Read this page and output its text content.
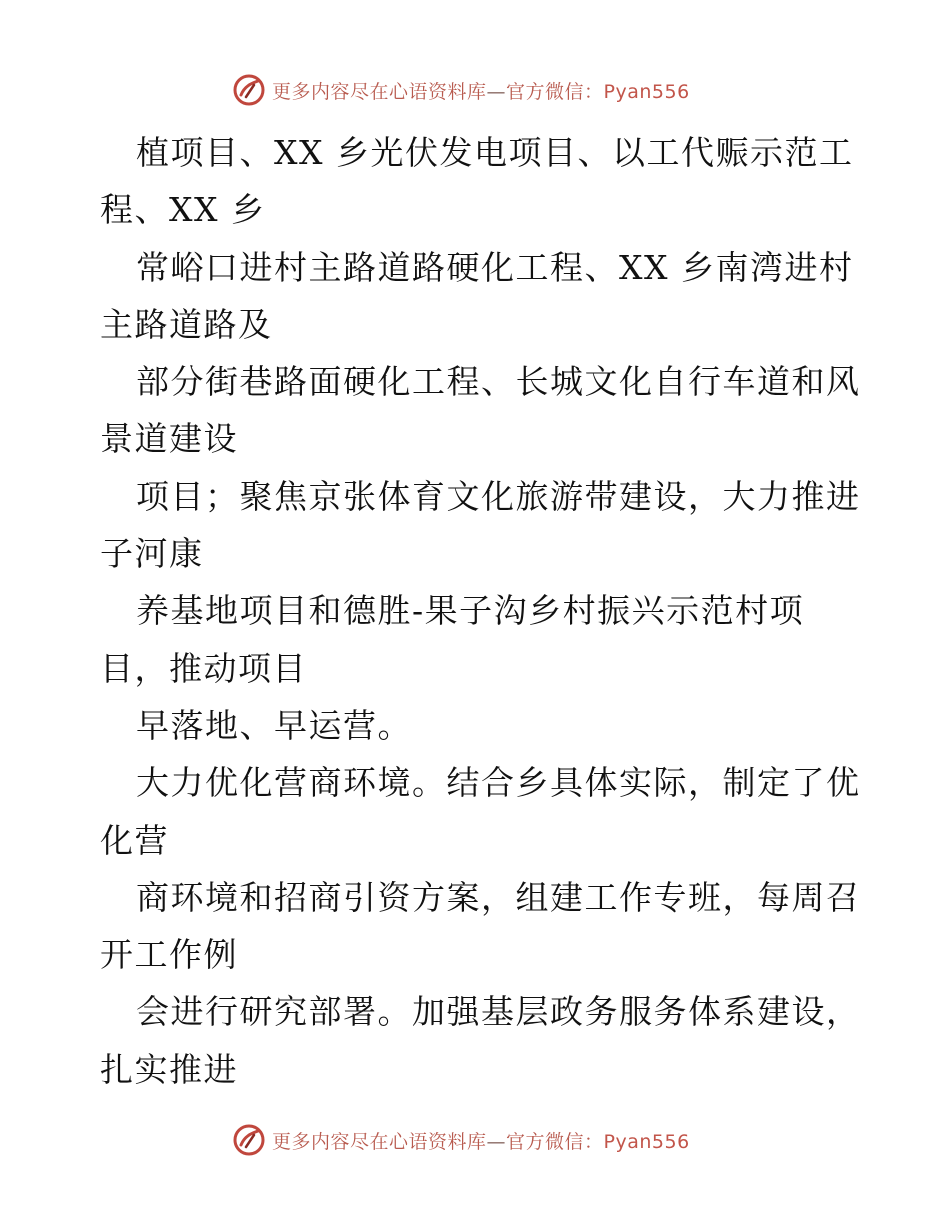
更多内容尽在心语资料库—官方微信：Pyan556
植项目、XX 乡光伏发电项目、以工代赈示范工
程、XX 乡
常峪口进村主路道路硬化工程、XX 乡南湾进村
主路道路及
部分街巷路面硬化工程、长城文化自行车道和风
景道建设
项目；聚焦京张体育文化旅游带建设，大力推进
子河康
养基地项目和德胜-果子沟乡村振兴示范村项
目，推动项目
早落地、早运营。
大力优化营商环境。结合乡具体实际，制定了优
化营
商环境和招商引资方案，组建工作专班，每周召
开工作例
会进行研究部署。加强基层政务服务体系建设，
扎实推进
更多内容尽在心语资料库—官方微信：Pyan556
